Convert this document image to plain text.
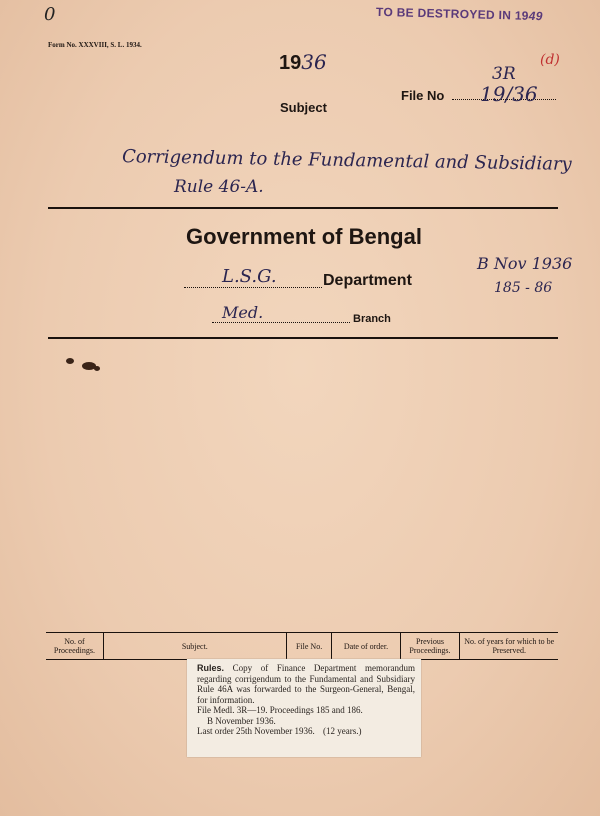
0
Form No. XXXVIII, S. L. 1934.
TO BE DESTROYED IN 1949
1936
Subject
File No
3R
19/36
(d)
Corrigendum to the Fundamental and Subsidiary
Rule 46-A.
Government of Bengal
L.S.G.	Department
Med.	Branch
B Nov 1936
185 - 86
No. of Proceedings.	Subject.	File No.	Date of order.	Previous Proceedings.	No. of years for which to be Preserved.
Rules. Copy of Finance Department memorandum regarding corrigendum to the Fundamental and Subsidiary Rule 46A was forwarded to the Surgeon-General, Bengal, for information.
File Medl. 3R—19. Proceedings 185 and 186.
B November 1936.
Last order 25th November 1936. (12 years.)
